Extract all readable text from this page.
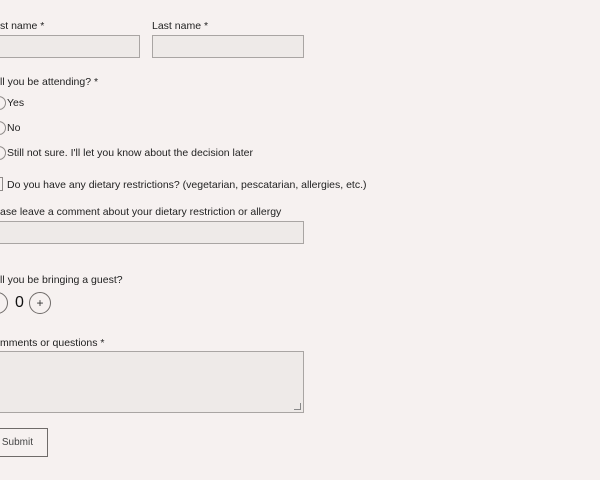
st name *	Last name *
ll you be attending? *
Yes
No
Still not sure. I'll let you know about the decision later
Do you have any dietary restrictions? (vegetarian, pescatarian, allergies, etc.)
ase leave a comment about your dietary restriction or allergy
ll you be bringing a guest?
0 +
mments or questions *
Submit
